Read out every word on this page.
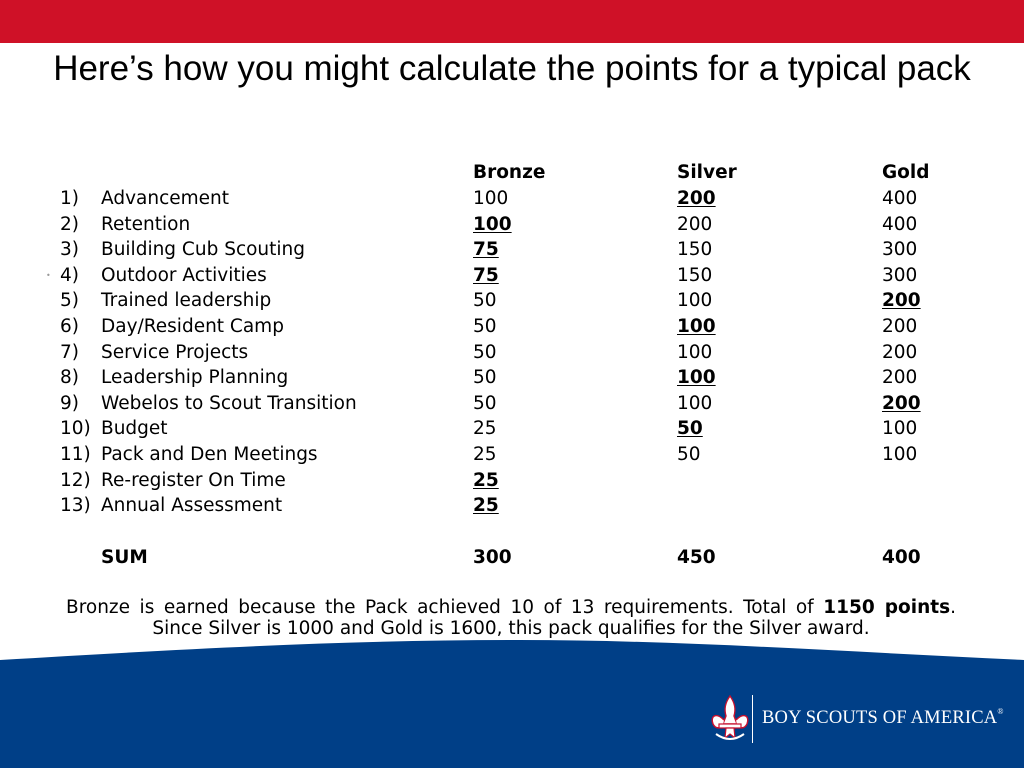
Here’s how you might calculate the points for a typical pack
Bronze	Silver	Gold
1) Advancement	100	200	400
2) Retention	100	200	400
3) Building Cub Scouting	75	150	300
4) Outdoor Activities	75	150	300
5) Trained leadership	50	100	200
6) Day/Resident Camp	50	100	200
7) Service Projects	50	100	200
8) Leadership Planning	50	100	200
9) Webelos to Scout Transition	50	100	200
10) Budget	25	50	100
11) Pack and Den Meetings	25	50	100
12) Re-register On Time	25
13) Annual Assessment	25
SUM	300	450	400
•
Bronze is earned because the Pack achieved 10 of 13 requirements. Total of 1150 points. Since Silver is 1000 and Gold is 1600, this pack qualifies for the Silver award.
BOY SCOUTS OF AMERICA®
